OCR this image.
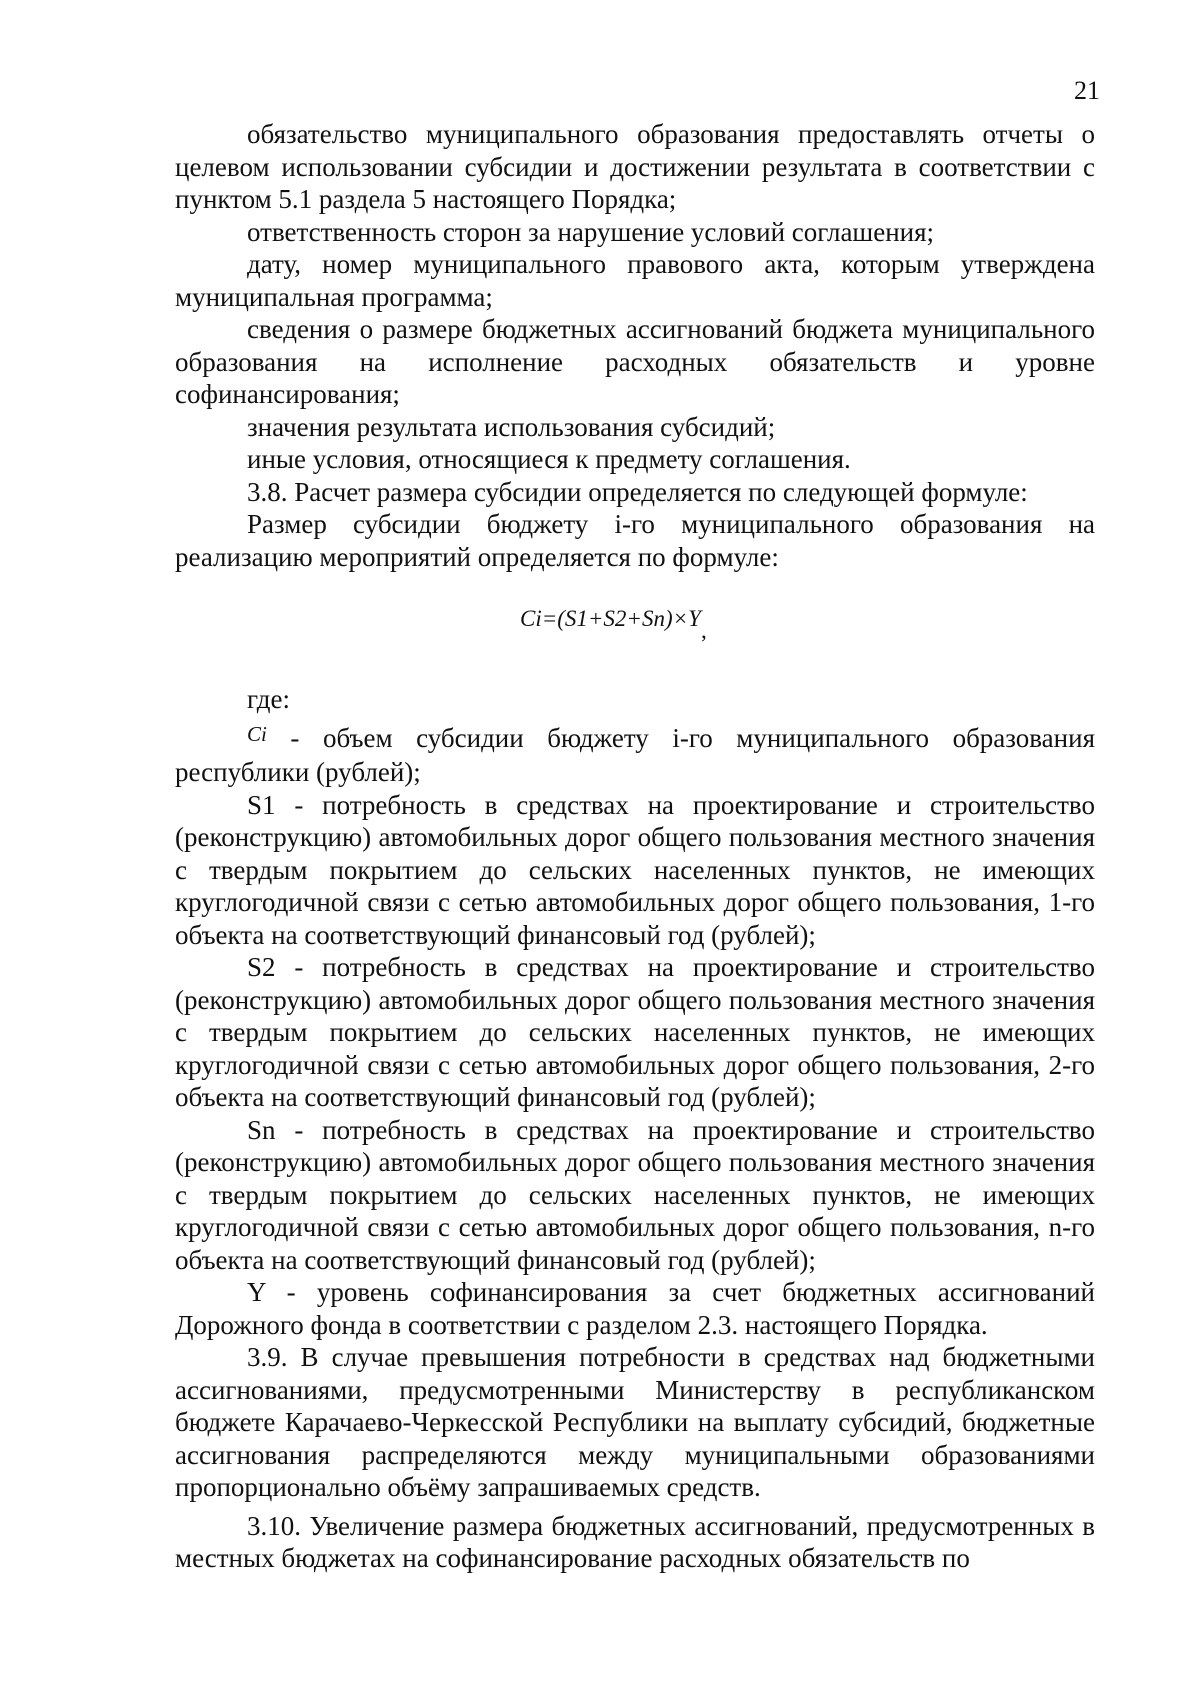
21

обязательство муниципального образования предоставлять отчеты о целевом использовании субсидии и достижении результата в соответствии с пунктом 5.1 раздела 5 настоящего Порядка;

ответственность сторон за нарушение условий соглашения;

дату, номер муниципального правового акта, которым утверждена муниципальная программа;

сведения о размере бюджетных ассигнований бюджета муниципального образования на исполнение расходных обязательств и уровне софинансирования;

значения результата использования субсидий;

иные условия, относящиеся к предмету соглашения.

3.8. Расчет размера субсидии определяется по следующей формуле:

Размер субсидии бюджету i-го муниципального образования на реализацию мероприятий определяется по формуле:

Ci=(S1+S2+Sn)×Y,

где:

$^{Ci}$ - объем субсидии бюджету i-го муниципального образования республики (рублей);

S1 - потребность в средствах на проектирование и строительство (реконструкцию) автомобильных дорог общего пользования местного значения с твердым покрытием до сельских населенных пунктов, не имеющих круглогодичной связи с сетью автомобильных дорог общего пользования, 1-го объекта на соответствующий финансовый год (рублей);

S2 - потребность в средствах на проектирование и строительство (реконструкцию) автомобильных дорог общего пользования местного значения с твердым покрытием до сельских населенных пунктов, не имеющих круглогодичной связи с сетью автомобильных дорог общего пользования, 2-го объекта на соответствующий финансовый год (рублей);

Sn - потребность в средствах на проектирование и строительство (реконструкцию) автомобильных дорог общего пользования местного значения с твердым покрытием до сельских населенных пунктов, не имеющих круглогодичной связи с сетью автомобильных дорог общего пользования, n-го объекта на соответствующий финансовый год (рублей);

Y - уровень софинансирования за счет бюджетных ассигнований Дорожного фонда в соответствии с разделом 2.3. настоящего Порядка.

3.9. В случае превышения потребности в средствах над бюджетными ассигнованиями, предусмотренными Министерству в республиканском бюджете Карачаево-Черкесской Республики на выплату субсидий, бюджетные ассигнования распределяются между муниципальными образованиями пропорционально объёму запрашиваемых средств.

3.10. Увеличение размера бюджетных ассигнований, предусмотренных в местных бюджетах на софинансирование расходных обязательств по
